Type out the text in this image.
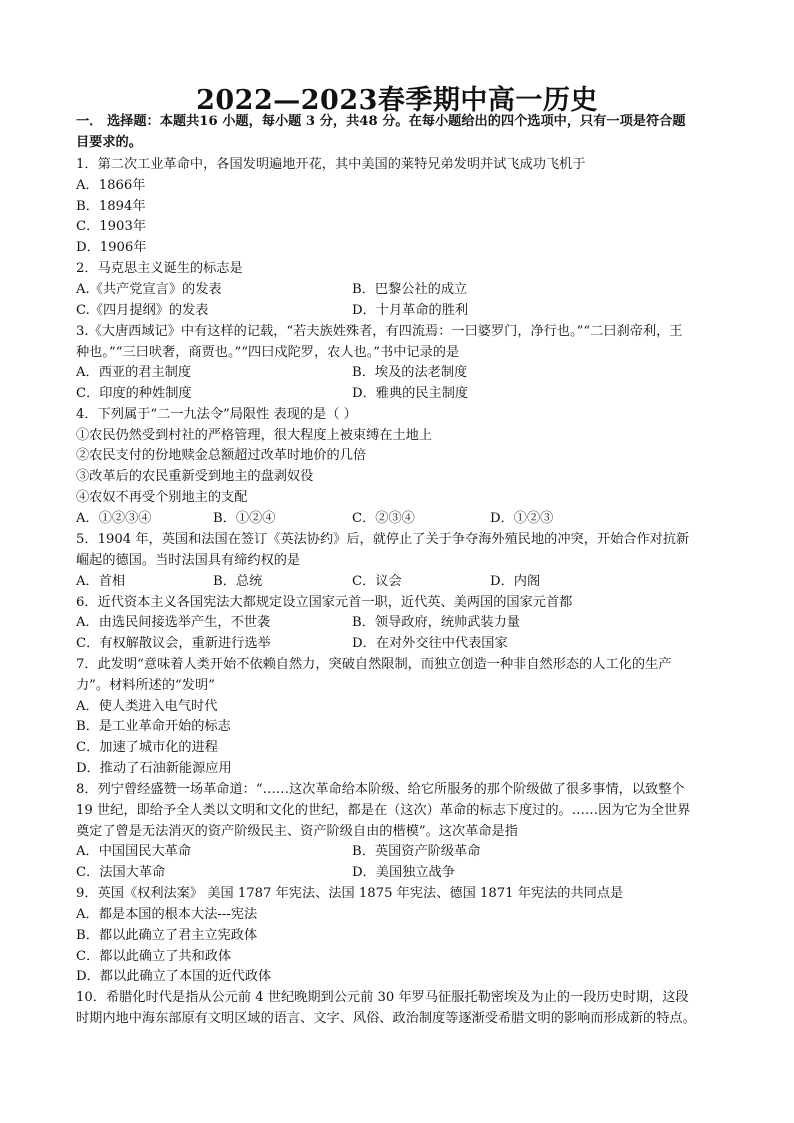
2022—2023春季期中高一历史
一． 选择题：本题共16 小题，每小题 3 分，共48 分。在每小题给出的四个选项中，只有一项是符合题
目要求的。
1．第二次工业革命中，各国发明遍地开花，其中美国的莱特兄弟发明并试飞成功飞机于
A．1866年
B．1894年
C．1903年
D．1906年
2．马克思主义诞生的标志是
A.《共产党宣言》的发表	B．巴黎公社的成立
C.《四月提纲》的发表	D．十月革命的胜利
3.《大唐西域记》中有这样的记载，“若夫族姓殊者，有四流焉：一曰婆罗门，净行也。”“二曰刹帝利，王
种也。”“三曰吠奢，商贾也。”“四曰戍陀罗，农人也。”书中记录的是
A．西亚的君主制度	B．埃及的法老制度
C．印度的种姓制度	D．雅典的民主制度
4．下列属于“二一九法令”局限性 表现的是（ ）
①农民仍然受到村社的严格管理，很大程度上被束缚在土地上
②农民支付的份地赎金总额超过改革时地价的几倍
③改革后的农民重新受到地主的盘剥奴役
④农奴不再受个别地主的支配
A．①②③④	B．①②④	C．②③④	D．①②③
5．1904 年，英国和法国在签订《英法协约》后，就停止了关于争夺海外殖民地的冲突，开始合作对抗新
崛起的德国。当时法国具有缔约权的是
A．首相	B．总统	C．议会	D．内阁
6．近代资本主义各国宪法大都规定设立国家元首一职，近代英、美两国的国家元首都
A．由选民间接选举产生，不世袭	B．领导政府，统帅武装力量
C．有权解散议会，重新进行选举	D．在对外交往中代表国家
7．此发明“意味着人类开始不依赖自然力，突破自然限制，而独立创造一种非自然形态的人工化的生产
力”。材料所述的“发明”
A．使人类进入电气时代
B．是工业革命开始的标志
C．加速了城市化的进程
D．推动了石油新能源应用
8．列宁曾经盛赞一场革命道：“……这次革命给本阶级、给它所服务的那个阶级做了很多事情，以致整个
19 世纪，即给予全人类以文明和文化的世纪，都是在（这次）革命的标志下度过的。……因为它为全世界
奠定了曾是无法消灭的资产阶级民主、资产阶级自由的楷模”。这次革命是指
A．中国国民大革命	B．英国资产阶级革命
C．法国大革命	D．美国独立战争
9．英国《权利法案》 美国 1787 年宪法、法国 1875 年宪法、德国 1871 年宪法的共同点是
A．都是本国的根本大法---宪法
B．都以此确立了君主立宪政体
C．都以此确立了共和政体
D．都以此确立了本国的近代政体
10．希腊化时代是指从公元前 4 世纪晚期到公元前 30 年罗马征服托勒密埃及为止的一段历史时期，这段
时期内地中海东部原有文明区域的语言、文字、风俗、政治制度等逐渐受希腊文明的影响而形成新的特点。
